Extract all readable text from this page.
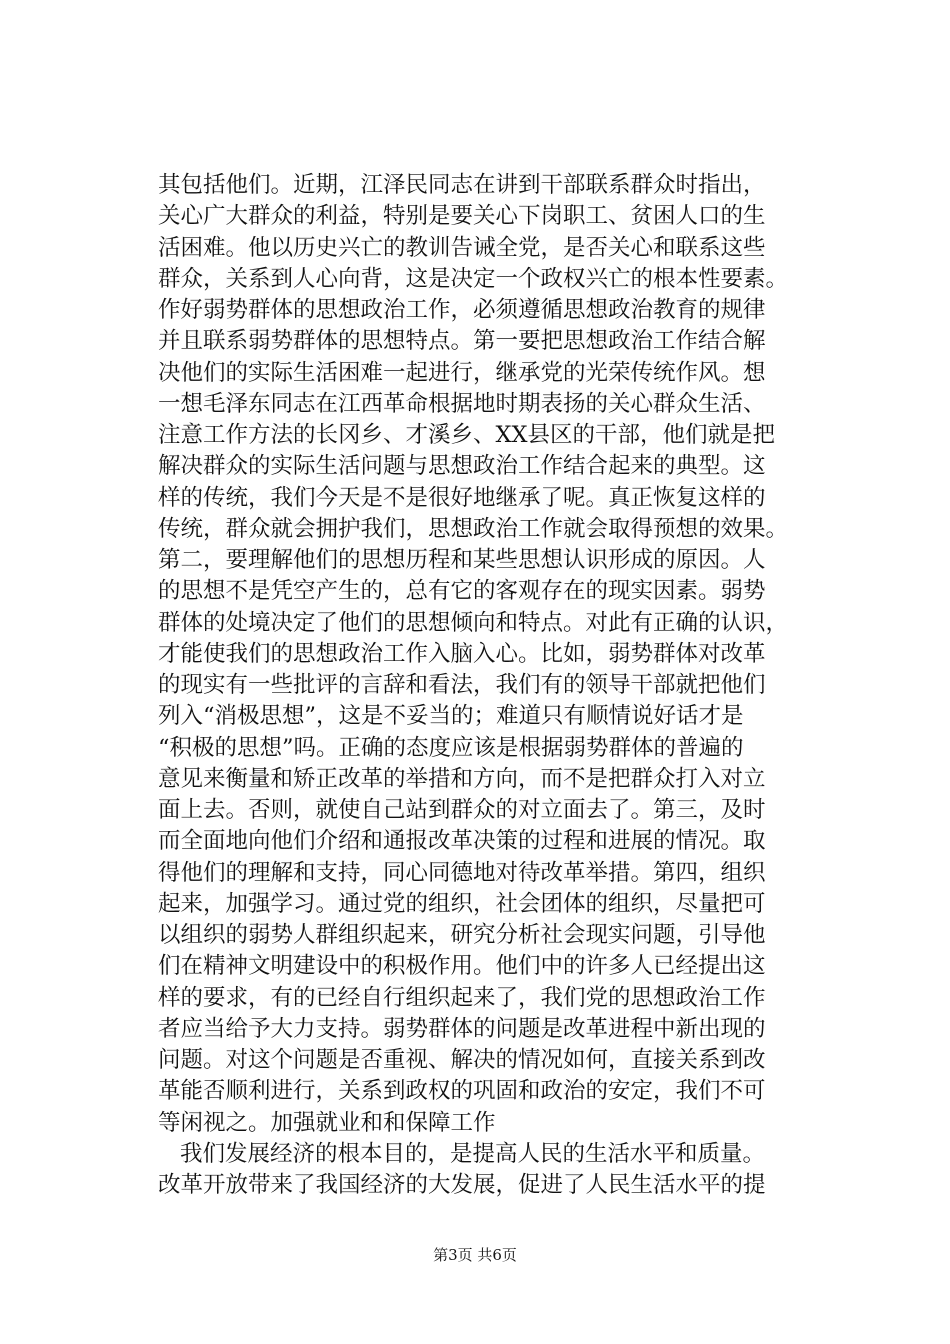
其包括他们。近期，江泽民同志在讲到干部联系群众时指出，
关心广大群众的利益，特别是要关心下岗职工、贫困人口的生
活困难。他以历史兴亡的教训告诫全党，是否关心和联系这些
群众，关系到人心向背，这是决定一个政权兴亡的根本性要素。
作好弱势群体的思想政治工作，必须遵循思想政治教育的规律
并且联系弱势群体的思想特点。第一要把思想政治工作结合解
决他们的实际生活困难一起进行，继承党的光荣传统作风。想
一想毛泽东同志在江西革命根据地时期表扬的关心群众生活、
注意工作方法的长冈乡、才溪乡、XX县区的干部，他们就是把
解决群众的实际生活问题与思想政治工作结合起来的典型。这
样的传统，我们今天是不是很好地继承了呢。真正恢复这样的
传统，群众就会拥护我们，思想政治工作就会取得预想的效果。
第二，要理解他们的思想历程和某些思想认识形成的原因。人
的思想不是凭空产生的，总有它的客观存在的现实因素。弱势
群体的处境决定了他们的思想倾向和特点。对此有正确的认识，
才能使我们的思想政治工作入脑入心。比如，弱势群体对改革
的现实有一些批评的言辞和看法，我们有的领导干部就把他们
列入“消极思想”，这是不妥当的；难道只有顺情说好话才是
“积极的思想”吗。正确的态度应该是根据弱势群体的普遍的
意见来衡量和矫正改革的举措和方向，而不是把群众打入对立
面上去。否则，就使自己站到群众的对立面去了。第三，及时
而全面地向他们介绍和通报改革决策的过程和进展的情况。取
得他们的理解和支持，同心同德地对待改革举措。第四，组织
起来，加强学习。通过党的组织，社会团体的组织，尽量把可
以组织的弱势人群组织起来，研究分析社会现实问题，引导他
们在精神文明建设中的积极作用。他们中的许多人已经提出这
样的要求，有的已经自行组织起来了，我们党的思想政治工作
者应当给予大力支持。弱势群体的问题是改革进程中新出现的
问题。对这个问题是否重视、解决的情况如何，直接关系到改
革能否顺利进行，关系到政权的巩固和政治的安定，我们不可
等闲视之。加强就业和和保障工作
我们发展经济的根本目的，是提高人民的生活水平和质量。
改革开放带来了我国经济的大发展，促进了人民生活水平的提
第3页 共6页
